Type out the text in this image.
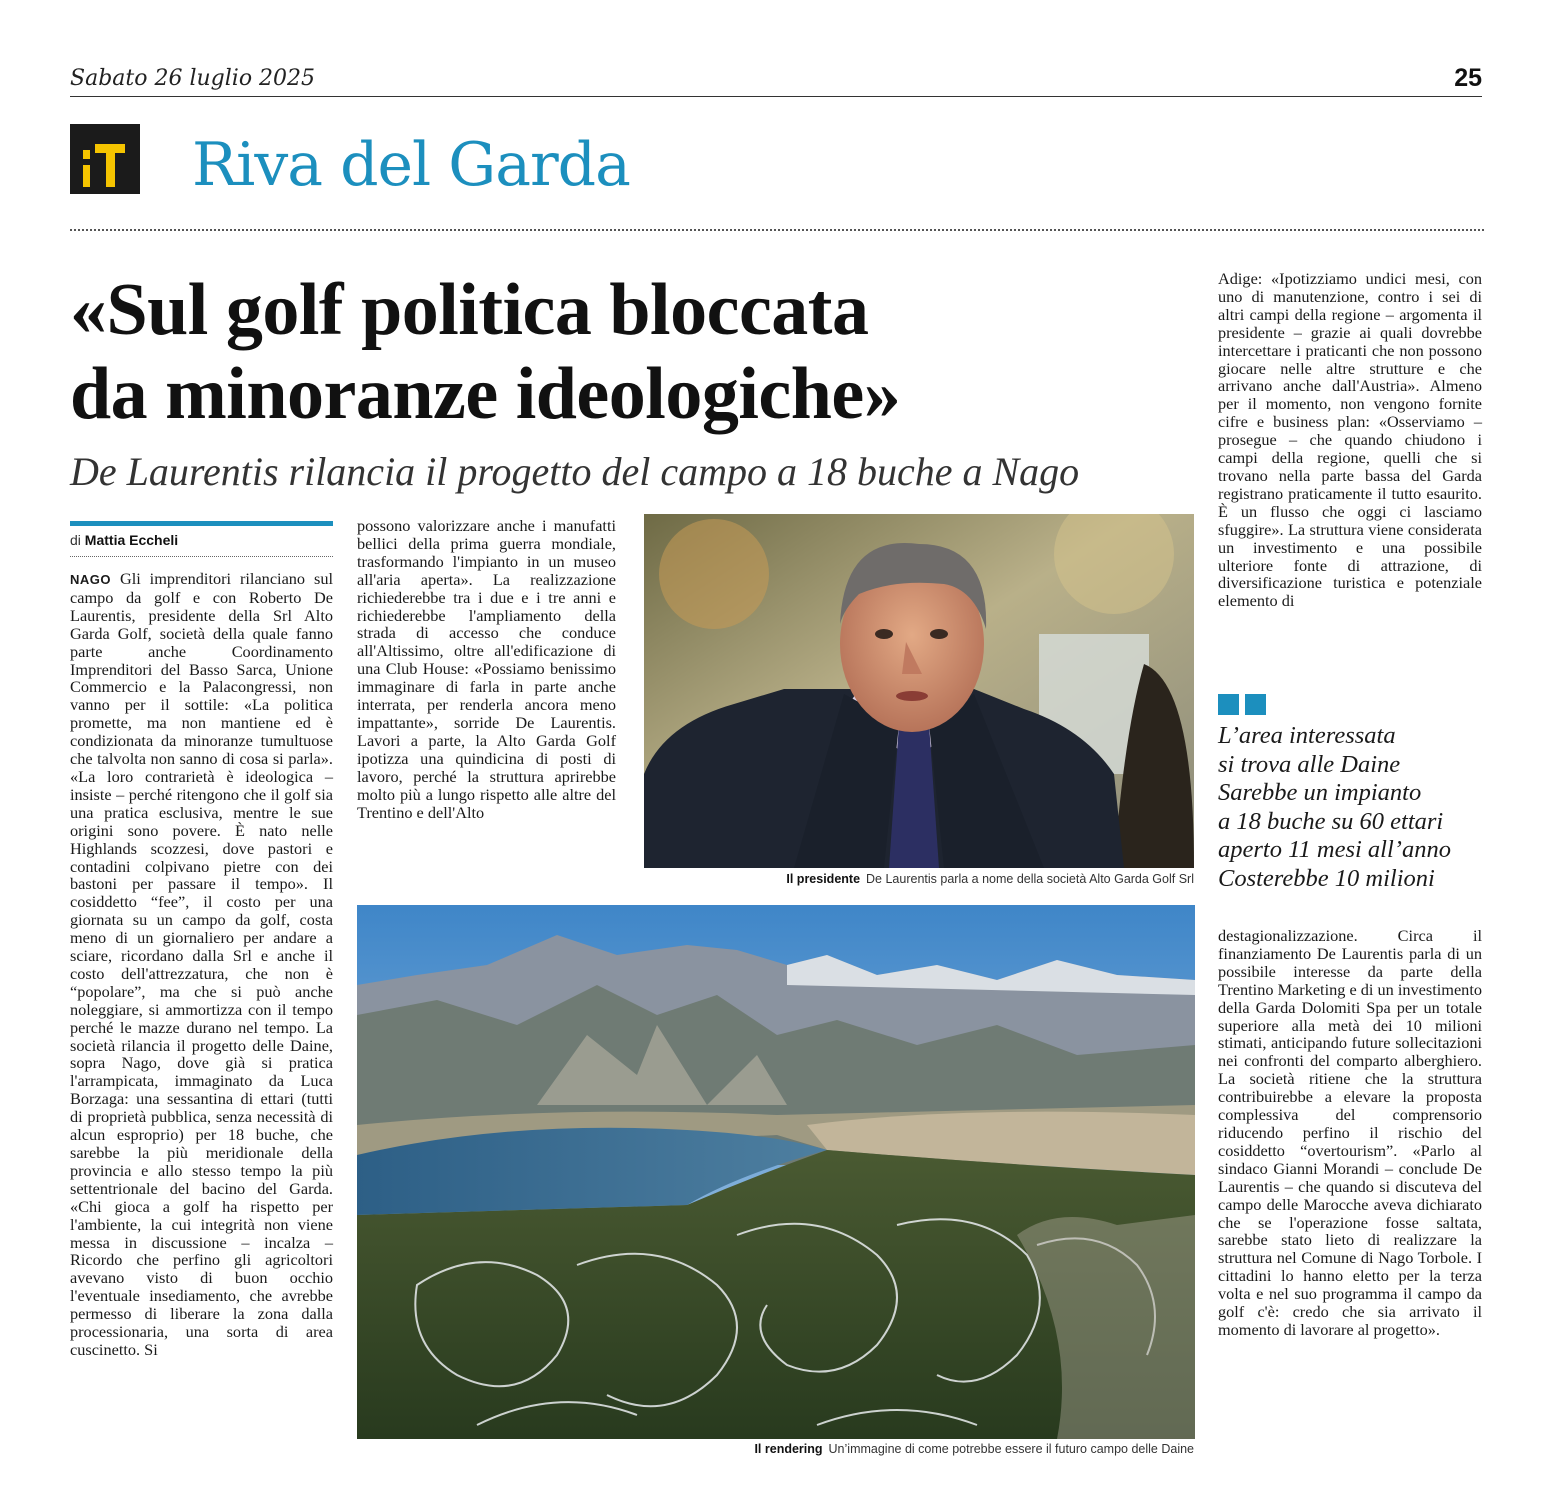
Sabato 26 luglio 2025	25
Riva del Garda
«Sul golf politica bloccata
da minoranze ideologiche»
De Laurentis rilancia il progetto del campo a 18 buche a Nago
di Mattia Eccheli
NAGO Gli imprenditori rilanciano sul campo da golf e con Roberto De Laurentis, presidente della Srl Alto Garda Golf, società della quale fanno parte anche Coordinamento Imprenditori del Basso Sarca, Unione Commercio e la Palacongressi, non vanno per il sottile: «La politica promette, ma non mantiene ed è condizionata da minoranze tumultuose che talvolta non sanno di cosa si parla». «La loro contrarietà è ideologica – insiste – perché ritengono che il golf sia una pratica esclusiva, mentre le sue origini sono povere. È nato nelle Highlands scozzesi, dove pastori e contadini colpivano pietre con dei bastoni per passare il tempo». Il cosiddetto “fee”, il costo per una giornata su un campo da golf, costa meno di un giornaliero per andare a sciare, ricordano dalla Srl e anche il costo dell'attrezzatura, che non è “popolare”, ma che si può anche noleggiare, si ammortizza con il tempo perché le mazze durano nel tempo. La società rilancia il progetto delle Daine, sopra Nago, dove già si pratica l'arrampicata, immaginato da Luca Borzaga: una sessantina di ettari (tutti di proprietà pubblica, senza necessità di alcun esproprio) per 18 buche, che sarebbe la più meridionale della provincia e allo stesso tempo la più settentrionale del bacino del Garda. «Chi gioca a golf ha rispetto per l'ambiente, la cui integrità non viene messa in discussione – incalza – Ricordo che perfino gli agricoltori avevano visto di buon occhio l'eventuale insediamento, che avrebbe permesso di liberare la zona dalla processionaria, una sorta di area cuscinetto. Si
possono valorizzare anche i manufatti bellici della prima guerra mondiale, trasformando l'impianto in un museo all'aria aperta». La realizzazione richiederebbe tra i due e i tre anni e richiederebbe l'ampliamento della strada di accesso che conduce all'Altissimo, oltre all'edificazione di una Club House: «Possiamo benissimo immaginare di farla in parte anche interrata, per renderla ancora meno impattante», sorride De Laurentis. Lavori a parte, la Alto Garda Golf ipotizza una quindicina di posti di lavoro, perché la struttura aprirebbe molto più a lungo rispetto alle altre del Trentino e dell'Alto
Il presidente De Laurentis parla a nome della società Alto Garda Golf Srl
Adige: «Ipotizziamo undici mesi, con uno di manutenzione, contro i sei di altri campi della regione – argomenta il presidente – grazie ai quali dovrebbe intercettare i praticanti che non possono giocare nelle altre strutture e che arrivano anche dall'Austria». Almeno per il momento, non vengono fornite cifre e business plan: «Osserviamo – prosegue – che quando chiudono i campi della regione, quelli che si trovano nella parte bassa del Garda registrano praticamente il tutto esaurito. È un flusso che oggi ci lasciamo sfuggire». La struttura viene considerata un investimento e una possibile ulteriore fonte di attrazione, di diversificazione turistica e potenziale elemento di
L’area interessata
si trova alle Daine
Sarebbe un impianto
a 18 buche su 60 ettari
aperto 11 mesi all’anno
Costerebbe 10 milioni
destagionalizzazione. Circa il finanziamento De Laurentis parla di un possibile interesse da parte della Trentino Marketing e di un investimento della Garda Dolomiti Spa per un totale superiore alla metà dei 10 milioni stimati, anticipando future sollecitazioni nei confronti del comparto alberghiero. La società ritiene che la struttura contribuirebbe a elevare la proposta complessiva del comprensorio riducendo perfino il rischio del cosiddetto “overtourism”. «Parlo al sindaco Gianni Morandi – conclude De Laurentis – che quando si discuteva del campo delle Marocche aveva dichiarato che se l'operazione fosse saltata, sarebbe stato lieto di realizzare la struttura nel Comune di Nago Torbole. I cittadini lo hanno eletto per la terza volta e nel suo programma il campo da golf c'è: credo che sia arrivato il momento di lavorare al progetto».
Il rendering Un’immagine di come potrebbe essere il futuro campo delle Daine
